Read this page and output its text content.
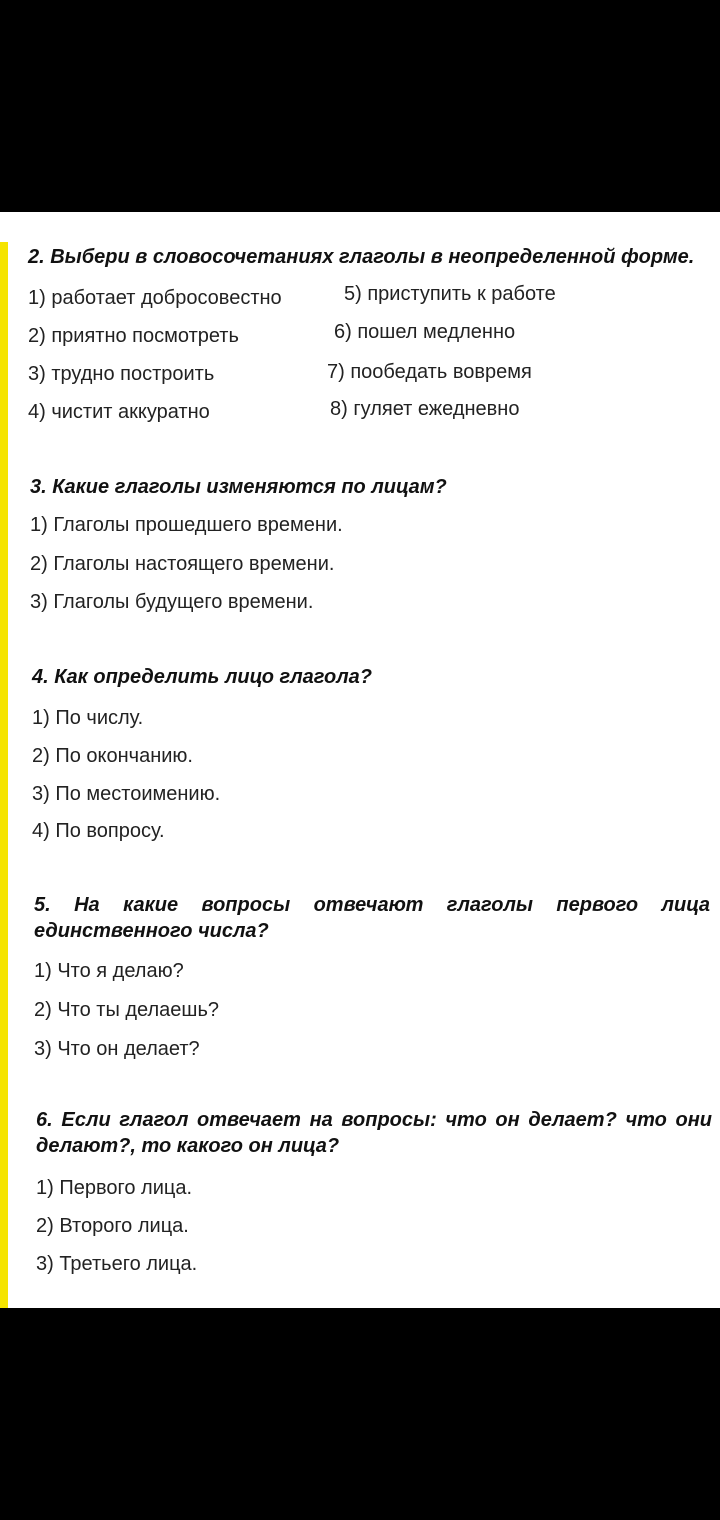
2. Выбери в словосочетаниях глаголы в неопределенной форме.

1) работает добросовестно
2) приятно посмотреть
3) трудно построить
4) чистит аккуратно
5) приступить к работе
6) пошел медленно
7) пообедать вовремя
8) гуляет ежедневно

3. Какие глаголы изменяются по лицам?

1) Глаголы прошедшего времени.
2) Глаголы настоящего времени.
3) Глаголы будущего времени.

4. Как определить лицо глагола?

1) По числу.
2) По окончанию.
3) По местоимению.
4) По вопросу.

5. На какие вопросы отвечают глаголы первого лица единственного числа?

1) Что я делаю?
2) Что ты делаешь?
3) Что он делает?

6. Если глагол отвечает на вопросы: что он делает? что они делают?, то какого он лица?

1) Первого лица.
2) Второго лица.
3) Третьего лица.
